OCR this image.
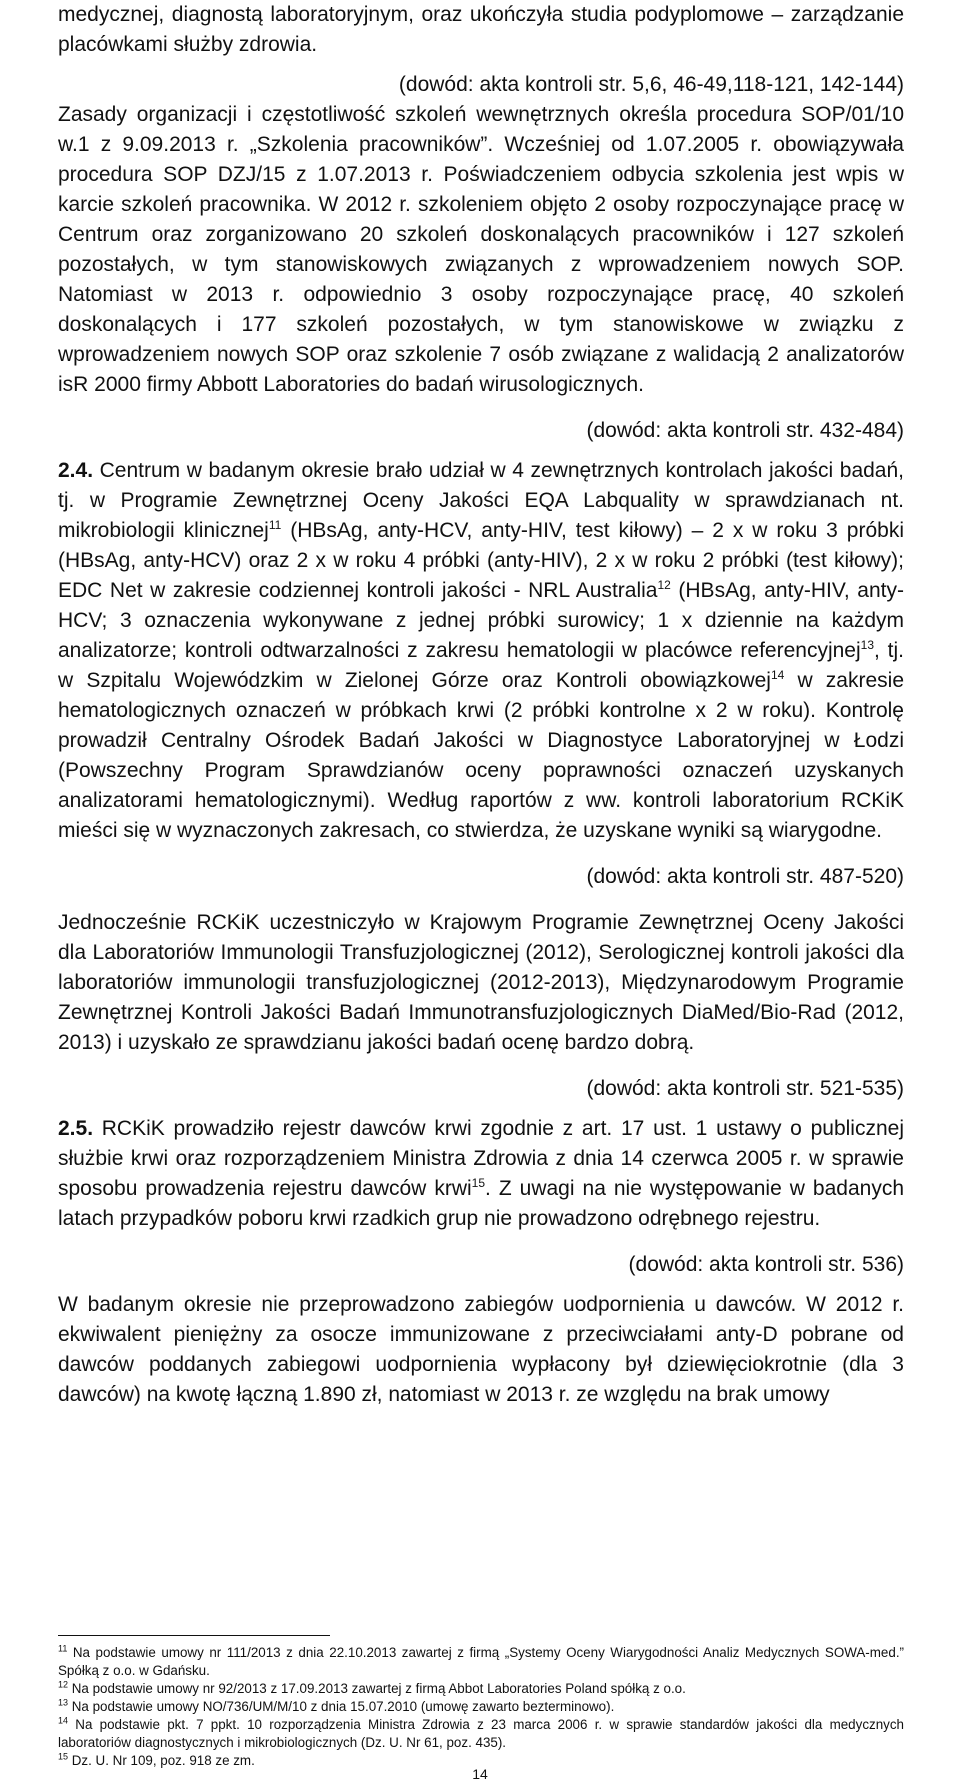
medycznej, diagnostą laboratoryjnym, oraz ukończyła studia podyplomowe – zarządzanie placówkami służby zdrowia.

(dowód: akta kontroli str. 5,6, 46-49,118-121, 142-144)

Zasady organizacji i częstotliwość szkoleń wewnętrznych określa procedura SOP/01/10 w.1 z 9.09.2013 r. „Szkolenia pracowników”. Wcześniej od 1.07.2005 r. obowiązywała procedura SOP DZJ/15 z 1.07.2013 r. Poświadczeniem odbycia szkolenia jest wpis w karcie szkoleń pracownika. W 2012 r. szkoleniem objęto 2 osoby rozpoczynające pracę w Centrum oraz zorganizowano 20 szkoleń doskonalących pracowników i 127 szkoleń pozostałych, w tym stanowiskowych związanych z wprowadzeniem nowych SOP. Natomiast w 2013 r. odpowiednio 3 osoby rozpoczynające pracę, 40 szkoleń doskonalących i 177 szkoleń pozostałych, w tym stanowiskowe w związku z wprowadzeniem nowych SOP oraz szkolenie 7 osób związane z walidacją 2 analizatorów isR 2000 firmy Abbott Laboratories do badań wirusologicznych.

(dowód: akta kontroli str. 432-484)

2.4. Centrum w badanym okresie brało udział w 4 zewnętrznych kontrolach jakości badań, tj. w Programie Zewnętrznej Oceny Jakości EQA Labquality w sprawdzianach nt. mikrobiologii klinicznej$^{11}$ (HBsAg, anty-HCV, anty-HIV, test kiłowy) – 2 x w roku 3 próbki (HBsAg, anty-HCV) oraz 2 x w roku 4 próbki (anty-HIV), 2 x w roku 2 próbki (test kiłowy); EDC Net w zakresie codziennej kontroli jakości - NRL Australia$^{12}$ (HBsAg, anty-HIV, anty-HCV; 3 oznaczenia wykonywane z jednej próbki surowicy; 1 x dziennie na każdym analizatorze; kontroli odtwarzalności z zakresu hematologii w placówce referencyjnej$^{13}$, tj. w Szpitalu Wojewódzkim w Zielonej Górze oraz Kontroli obowiązkowej$^{14}$ w zakresie hematologicznych oznaczeń w próbkach krwi (2 próbki kontrolne x 2 w roku). Kontrolę prowadził Centralny Ośrodek Badań Jakości w Diagnostyce Laboratoryjnej w Łodzi (Powszechny Program Sprawdzianów oceny poprawności oznaczeń uzyskanych analizatorami hematologicznymi). Według raportów z ww. kontroli laboratorium RCKiK mieści się w wyznaczonych zakresach, co stwierdza, że uzyskane wyniki są wiarygodne.

(dowód: akta kontroli str. 487-520)

Jednocześnie RCKiK uczestniczyło w Krajowym Programie Zewnętrznej Oceny Jakości dla Laboratoriów Immunologii Transfuzjologicznej (2012), Serologicznej kontroli jakości dla laboratoriów immunologii transfuzjologicznej (2012-2013), Międzynarodowym Programie Zewnętrznej Kontroli Jakości Badań Immunotransfuzjologicznych DiaMed/Bio-Rad (2012, 2013) i uzyskało ze sprawdzianu jakości badań ocenę bardzo dobrą.

(dowód: akta kontroli str. 521-535)

2.5. RCKiK prowadziło rejestr dawców krwi zgodnie z art. 17 ust. 1 ustawy o publicznej służbie krwi oraz rozporządzeniem Ministra Zdrowia z dnia 14 czerwca 2005 r. w sprawie sposobu prowadzenia rejestru dawców krwi$^{15}$. Z uwagi na nie występowanie w badanych latach przypadków poboru krwi rzadkich grup nie prowadzono odrębnego rejestru.

(dowód: akta kontroli str. 536)

W badanym okresie nie przeprowadzono zabiegów uodpornienia u dawców. W 2012 r. ekwiwalent pieniężny za osocze immunizowane z przeciwciałami anty-D pobrane od dawców poddanych zabiegowi uodpornienia wypłacony był dziewięciokrotnie (dla 3 dawców) na kwotę łączną 1.890 zł, natomiast w 2013 r. ze względu na brak umowy

$^{11}$ Na podstawie umowy nr 111/2013 z dnia 22.10.2013 zawartej z firmą „Systemy Oceny Wiarygodności Analiz Medycznych SOWA-med.” Spółką z o.o. w Gdańsku.

$^{12}$ Na podstawie umowy nr 92/2013 z 17.09.2013 zawartej z firmą Abbot Laboratories Poland spółką z o.o.

$^{13}$ Na podstawie umowy NO/736/UM/M/10 z dnia 15.07.2010 (umowę zawarto bezterminowo).

$^{14}$ Na podstawie pkt. 7 ppkt. 10 rozporządzenia Ministra Zdrowia z 23 marca 2006 r. w sprawie standardów jakości dla medycznych laboratoriów diagnostycznych i mikrobiologicznych (Dz. U. Nr 61, poz. 435).

$^{15}$ Dz. U. Nr 109, poz. 918 ze zm.

14
